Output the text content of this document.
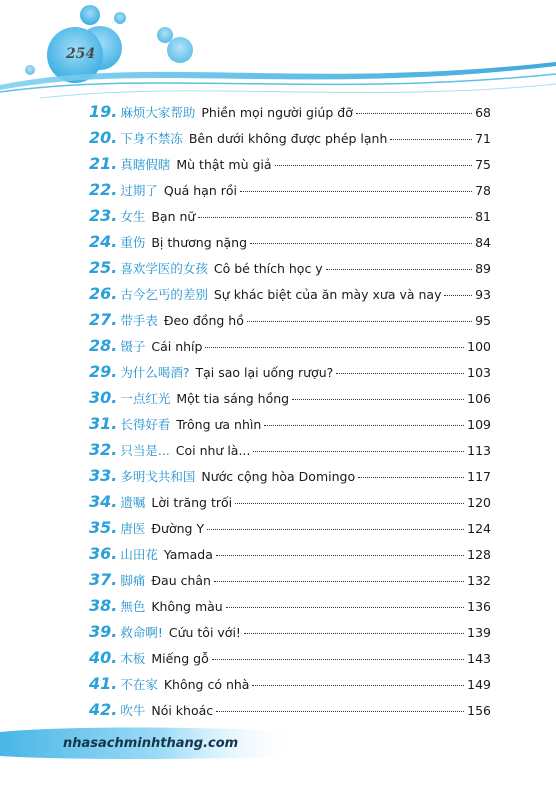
254
19. 麻烦大家帮助 Phiền mọi người giúp đỡ	68
20. 下身不禁冻 Bên dưới không được phép lạnh	71
21. 真瞎假瞎 Mù thật mù giả	75
22. 过期了 Quá hạn rồi	78
23. 女生 Bạn nữ	81
24. 重伤 Bị thương nặng	84
25. 喜欢学医的女孩 Cô bé thích học y	89
26. 古今乞丐的差别 Sự khác biệt của ăn mày xưa và nay	93
27. 带手表 Đeo đồng hồ	95
28. 镊子 Cái nhíp	100
29. 为什么喝酒? Tại sao lại uống rượu?	103
30. 一点红光 Một tia sáng hồng	106
31. 长得好看 Trông ưa nhìn	109
32. 只当是... Coi như là...	113
33. 多明戈共和国 Nước cộng hòa Domingo	117
34. 遗嘱 Lời trăng trối	120
35. 唐医 Đường Y	124
36. 山田花 Yamada	128
37. 脚痛 Đau chân	132
38. 無色 Không màu	136
39. 救命啊! Cứu tôi với!	139
40. 木板 Miếng gỗ	143
41. 不在家 Không có nhà	149
42. 吹牛 Nói khoác	156
nhasachminhthang.com
